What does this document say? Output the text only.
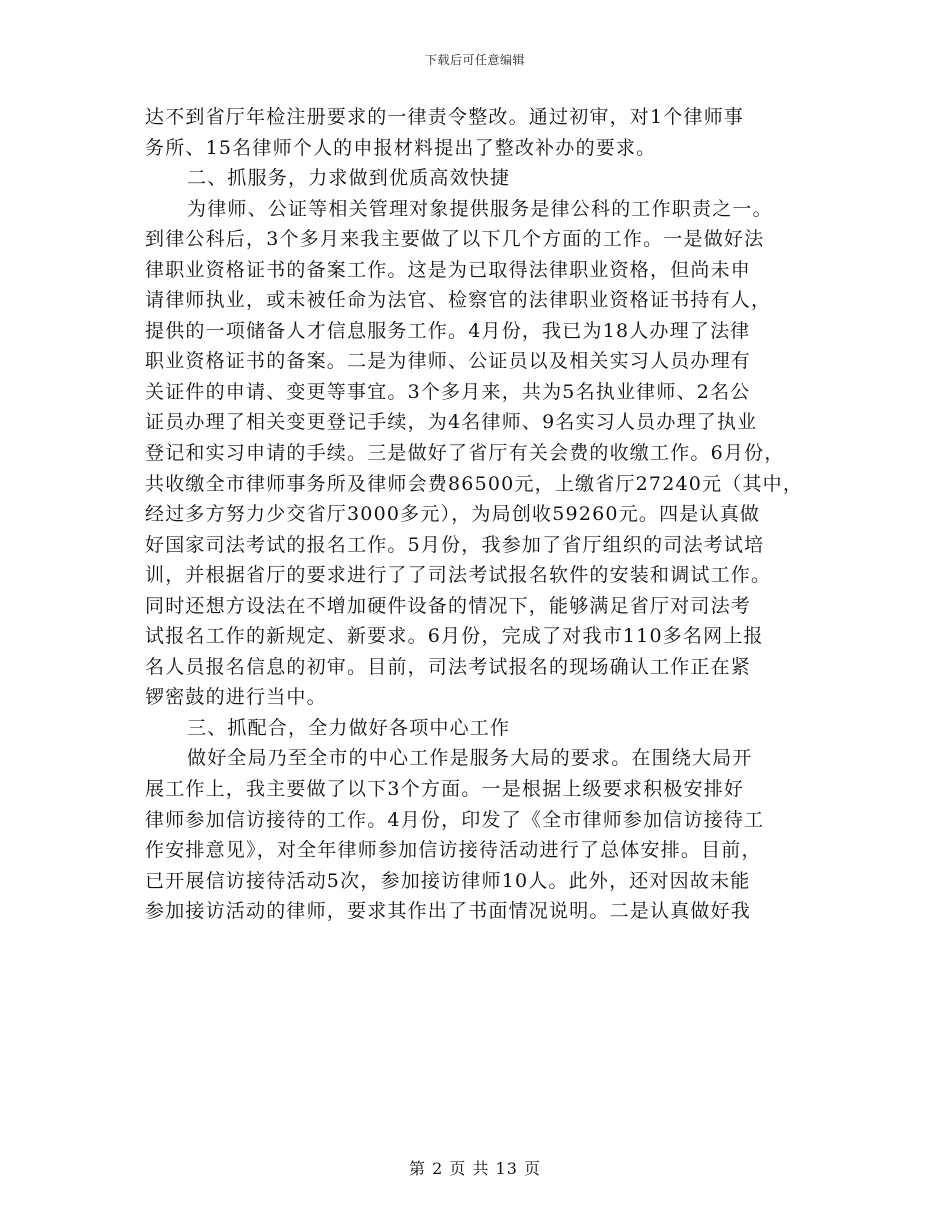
下载后可任意编辑
达不到省厅年检注册要求的一律责令整改。通过初审，对1个律师事
务所、15名律师个人的申报材料提出了整改补办的要求。
二、抓服务，力求做到优质高效快捷
为律师、公证等相关管理对象提供服务是律公科的工作职责之一。
到律公科后，3个多月来我主要做了以下几个方面的工作。一是做好法
律职业资格证书的备案工作。这是为已取得法律职业资格，但尚未申
请律师执业，或未被任命为法官、检察官的法律职业资格证书持有人，
提供的一项储备人才信息服务工作。4月份，我已为18人办理了法律
职业资格证书的备案。二是为律师、公证员以及相关实习人员办理有
关证件的申请、变更等事宜。3个多月来，共为5名执业律师、2名公
证员办理了相关变更登记手续，为4名律师、9名实习人员办理了执业
登记和实习申请的手续。三是做好了省厅有关会费的收缴工作。6月份，
共收缴全市律师事务所及律师会费86500元，上缴省厅27240元（其中，
经过多方努力少交省厅3000多元），为局创收59260元。四是认真做
好国家司法考试的报名工作。5月份，我参加了省厅组织的司法考试培
训，并根据省厅的要求进行了了司法考试报名软件的安装和调试工作。
同时还想方设法在不增加硬件设备的情况下，能够满足省厅对司法考
试报名工作的新规定、新要求。6月份，完成了对我市110多名网上报
名人员报名信息的初审。目前，司法考试报名的现场确认工作正在紧
锣密鼓的进行当中。
三、抓配合，全力做好各项中心工作
做好全局乃至全市的中心工作是服务大局的要求。在围绕大局开
展工作上，我主要做了以下3个方面。一是根据上级要求积极安排好
律师参加信访接待的工作。4月份，印发了《全市律师参加信访接待工
作安排意见》，对全年律师参加信访接待活动进行了总体安排。目前，
已开展信访接待活动5次，参加接访律师10人。此外，还对因故未能
参加接访活动的律师，要求其作出了书面情况说明。二是认真做好我
第 2 页 共 13 页
